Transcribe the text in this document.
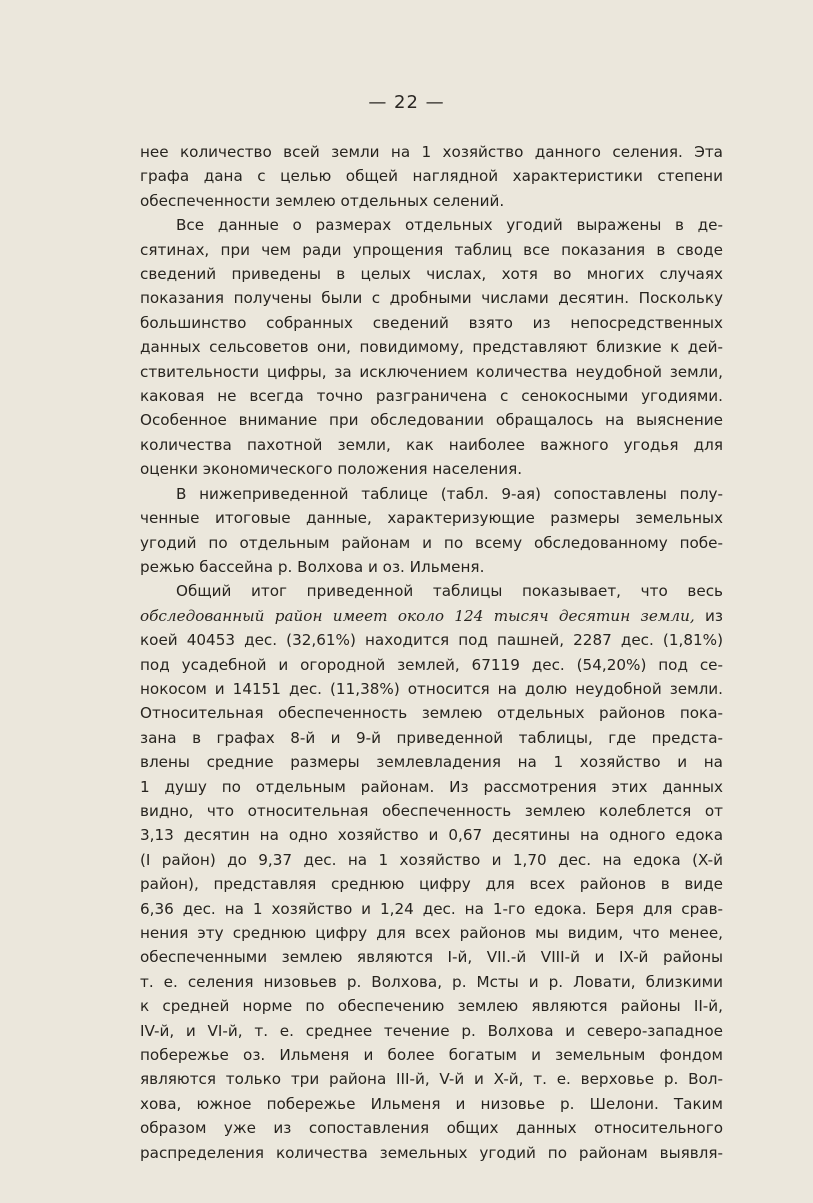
— 22 —

нее количество всей земли на 1 хозяйство данного селения. Эта
графа дана с целью общей наглядной характеристики степени
обеспеченности землею отдельных селений.

Все данные о размерах отдельных угодий выражены в де-
сятинах, при чем ради упрощения таблиц все показания в своде
сведений приведены в целых числах, хотя во многих случаях
показания получены были с дробными числами десятин. Поскольку
большинство собранных сведений взято из непосредственных
данных сельсоветов они, повидимому, представляют близкие к дей-
ствительности цифры, за исключением количества неудобной земли,
каковая не всегда точно разграничена с сенокосными угодиями.
Особенное внимание при обследовании обращалось на выяснение
количества пахотной земли, как наиболее важного угодья для
оценки экономического положения населения.

В нижеприведенной таблице (табл. 9-ая) сопоставлены полу-
ченные итоговые данные, характеризующие размеры земельных
угодий по отдельным районам и по всему обследованному побе-
режью бассейна р. Волхова и оз. Ильменя.

Общий итог приведенной таблицы показывает, что весь
обследованный район имеет около 124 тысяч десятин земли, из
коей 40453 дес. (32,61%) находится под пашней, 2287 дес. (1,81%)
под усадебной и огородной землей, 67119 дес. (54,20%) под се-
нокосом и 14151 дес. (11,38%) относится на долю неудобной земли.
Относительная обеспеченность землею отдельных районов пока-
зана в графах 8-й и 9-й приведенной таблицы, где предста-
влены средние размеры землевладения на 1 хозяйство и на
1 душу по отдельным районам. Из рассмотрения этих данных
видно, что относительная обеспеченность землею колеблется от
3,13 десятин на одно хозяйство и 0,67 десятины на одного едока
(I район) до 9,37 дес. на 1 хозяйство и 1,70 дес. на едока (X-й
район), представляя среднюю цифру для всех районов в виде
6,36 дес. на 1 хозяйство и 1,24 дес. на 1-го едока. Беря для срав-
нения эту среднюю цифру для всех районов мы видим, что менее,
обеспеченными землею являются I-й, VII.-й VIII-й и IX-й районы
т. е. селения низовьев р. Волхова, р. Мсты и р. Ловати, близкими
к средней норме по обеспечению землею являются районы II-й,
IV-й, и VI-й, т. е. среднее течение р. Волхова и северо-западное
побережье оз. Ильменя и более богатым и земельным фондом
являются только три района III-й, V-й и X-й, т. е. верховье р. Вол-
хова, южное побережье Ильменя и низовье р. Шелони. Таким
образом уже из сопоставления общих данных относительного
распределения количества земельных угодий по районам выявля-
